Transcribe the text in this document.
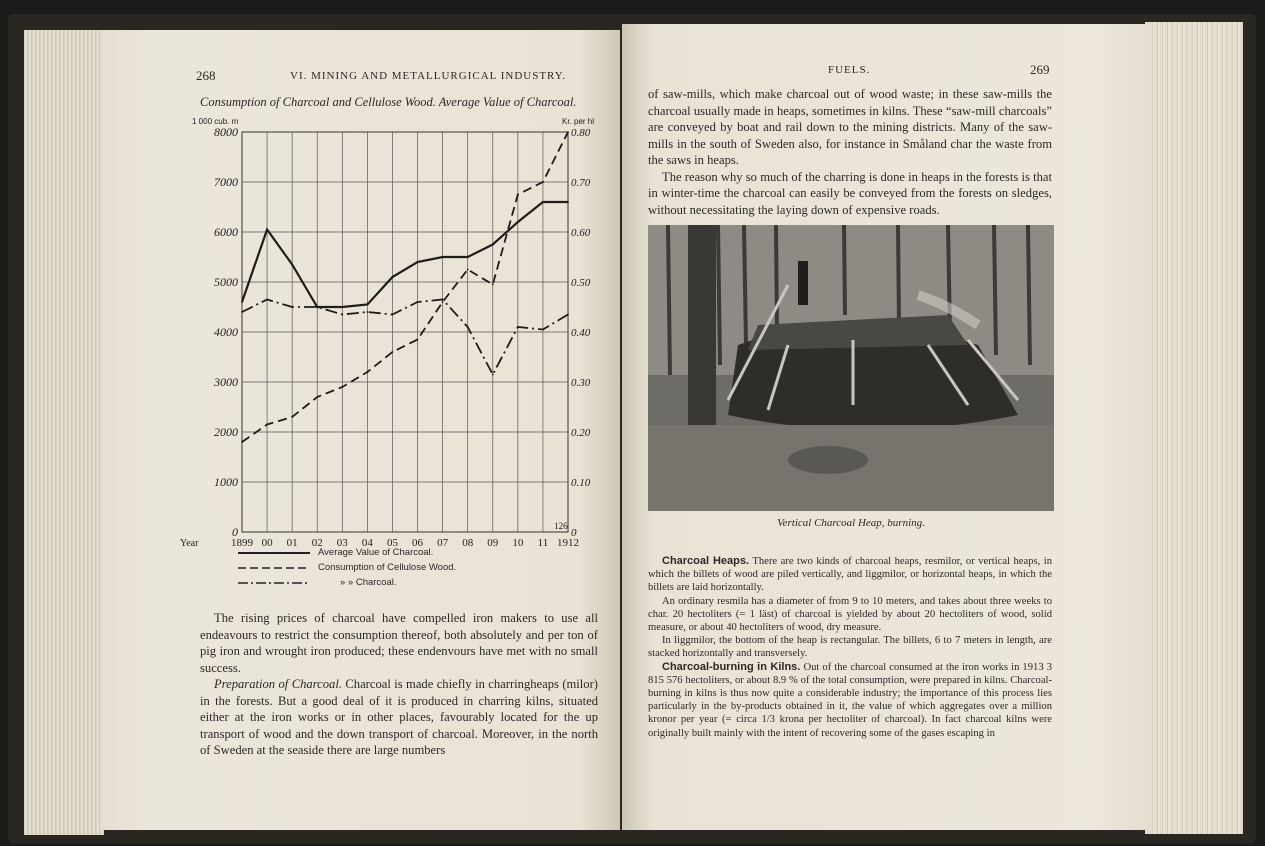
268	VI. MINING AND METALLURGICAL INDUSTRY.
Consumption of Charcoal and Cellulose Wood. Average Value of Charcoal.
0
1000
2000
3000
4000
5000
6000
7000
8000
0
0.10
0.20
0.30
0.40
0.50
0.60
0.70
0.80
1 000 cub. m	Kr. per hl
Year	1899 00 01 02 03 04 05 06 07 08 09 10 11 1912
126
Average Value of Charcoal.
Consumption of Cellulose Wood.
» » Charcoal.

The rising prices of charcoal have compelled iron makers to use all endeavours to restrict the consumption thereof, both absolutely and per ton of pig iron and wrought iron produced; these endenvours have met with no small success.

Preparation of Charcoal. Charcoal is made chiefly in charringheaps (milor) in the forests. But a good deal of it is produced in charring kilns, situated either at the iron works or in other places, favourably located for the up transport of wood and the down transport of charcoal. Moreover, in the north of Sweden at the seaside there are large numbers

FUELS.	269

of saw-mills, which make charcoal out of wood waste; in these saw-mills the charcoal usually made in heaps, sometimes in kilns. These “saw-mill charcoals” are conveyed by boat and rail down to the mining districts. Many of the saw-mills in the south of Sweden also, for instance in Småland char the waste from the saws in heaps.

The reason why so much of the charring is done in heaps in the forests is that in winter-time the charcoal can easily be conveyed from the forests on sledges, without necessitating the laying down of expensive roads.

Vertical Charcoal Heap, burning.

Charcoal Heaps. There are two kinds of charcoal heaps, resmilor, or vertical heaps, in which the billets of wood are piled vertically, and liggmilor, or horizontal heaps, in which the billets are laid horizontally.

An ordinary resmila has a diameter of from 9 to 10 meters, and takes about three weeks to char. 20 hectoliters (= 1 läst) of charcoal is yielded by about 20 hectoliters of wood, solid measure, or about 40 hectoliters of wood, dry measure.

In liggmilor, the bottom of the heap is rectangular. The billets, 6 to 7 meters in length, are stacked horizontally and transversely.

Charcoal-burning in Kilns. Out of the charcoal consumed at the iron works in 1913 3 815 576 hectoliters, or about 8.9 % of the total consumption, were prepared in kilns. Charcoal-burning in kilns is thus now quite a considerable industry; the importance of this process lies particularly in the by-products obtained in it, the value of which aggregates over a million kronor per year (= circa 1/3 krona per hectoliter of charcoal). In fact charcoal kilns were originally built mainly with the intent of recovering some of the gases escaping in
